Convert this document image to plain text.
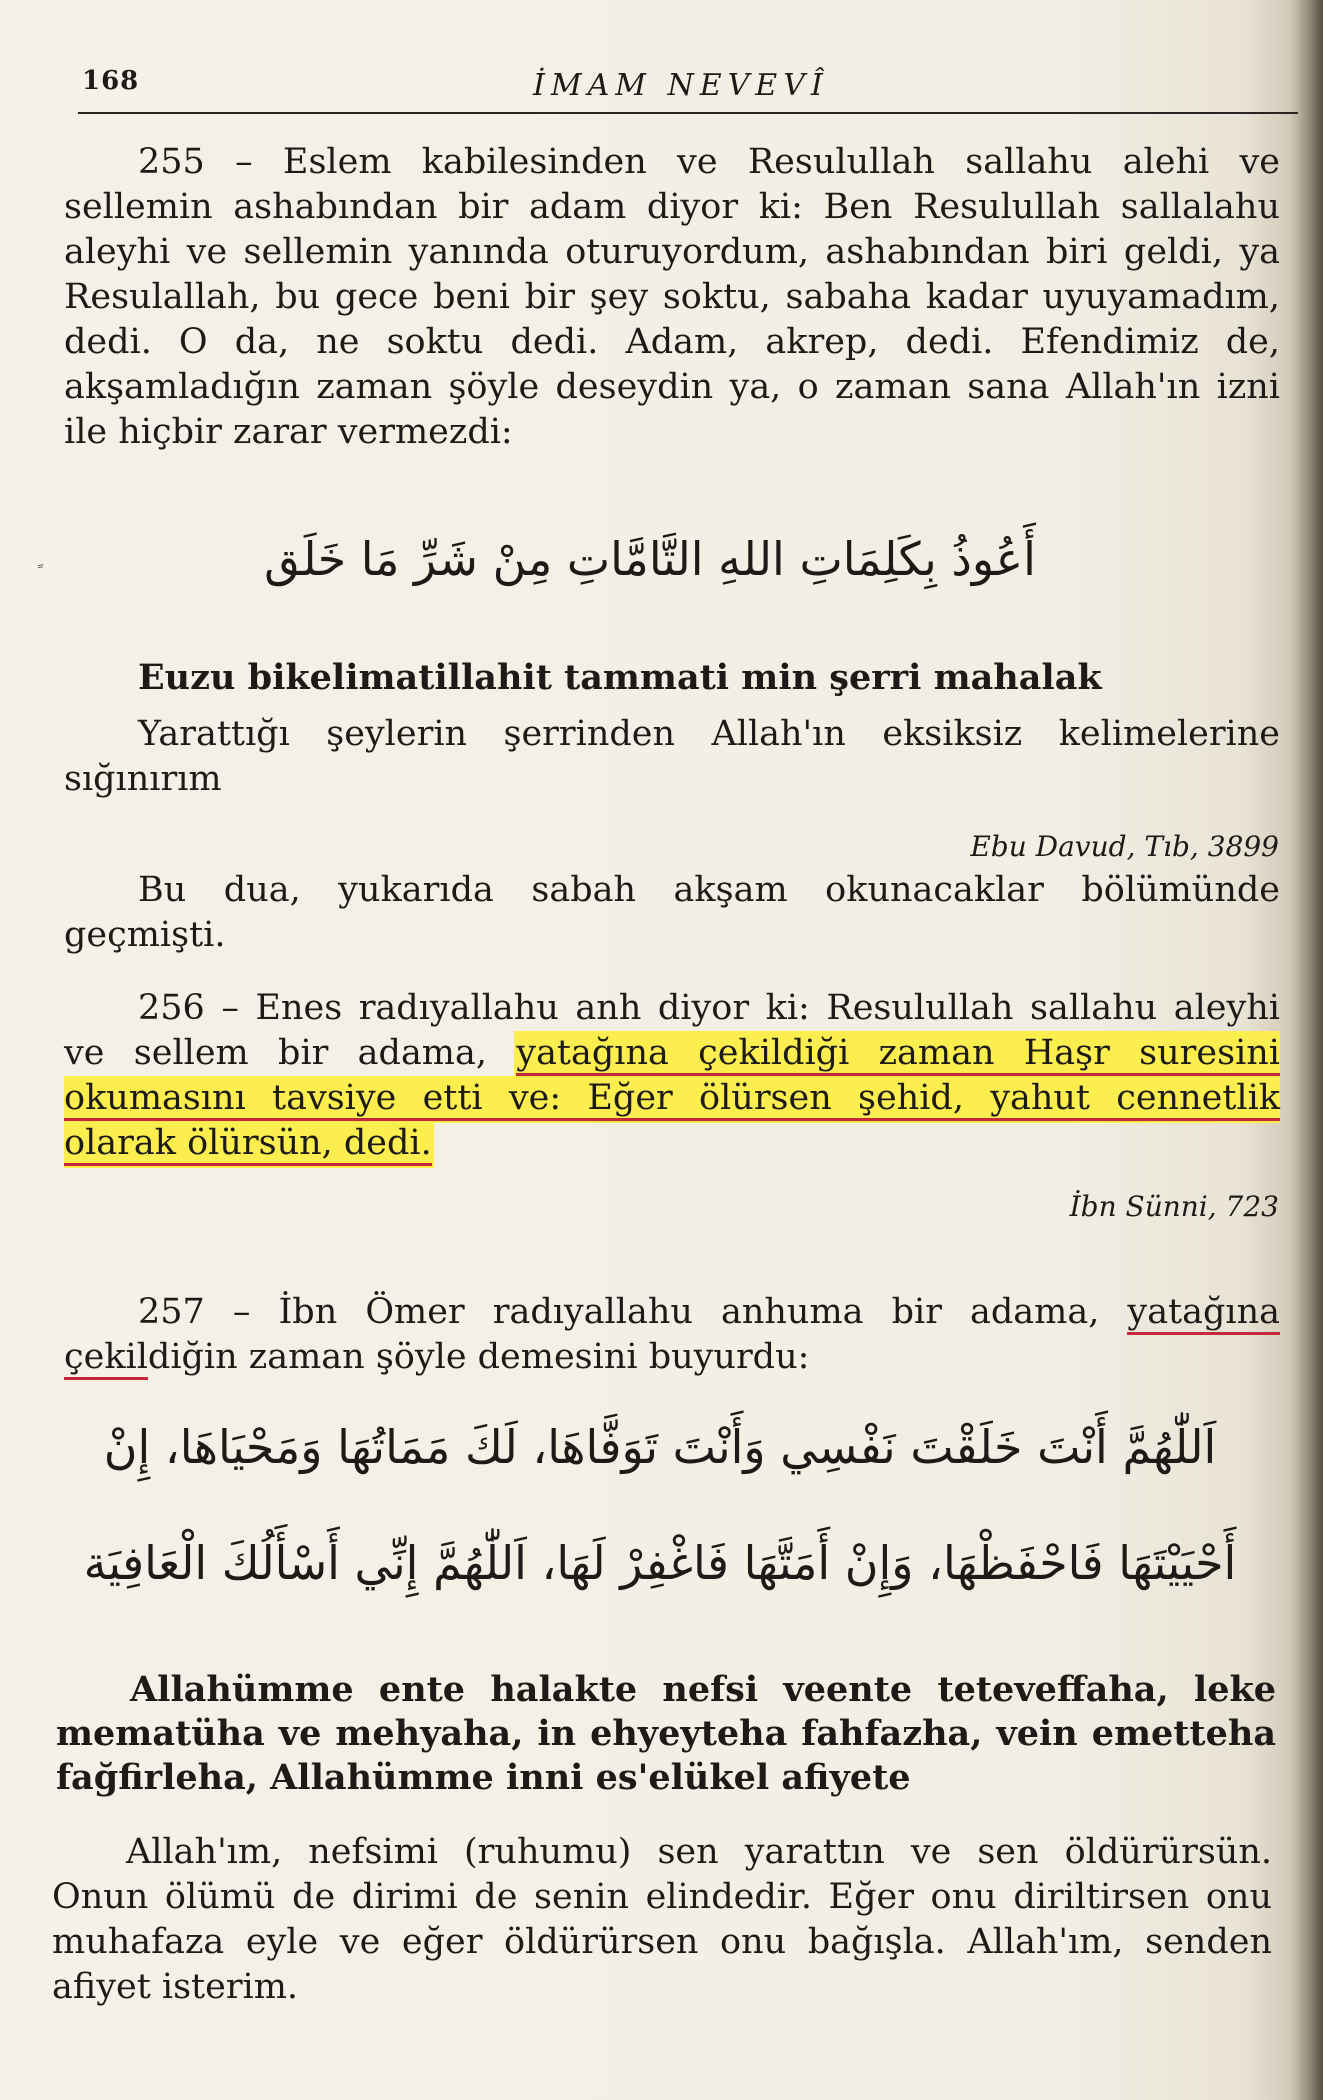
168	İMAM NEVEVÎ

255 – Eslem kabilesinden ve Resulullah sallahu alehi ve sellemin ashabından bir adam diyor ki: Ben Resulullah sallalahu aleyhi ve sellemin yanında oturuyordum, ashabından biri geldi, ya Resulallah, bu gece beni bir şey soktu, sabaha kadar uyuyamadım, dedi. O da, ne soktu dedi. Adam, akrep, dedi. Efendimiz de, akşamladığın zaman şöyle deseydin ya, o zaman sana Allah'ın izni ile hiçbir zarar vermezdi:

أَعُوذُ بِكَلِمَاتِ اللهِ التَّامَّاتِ مِنْ شَرِّ مَا خَلَق

Euzu bikelimatillahit tammati min şerri mahalak

Yarattığı şeylerin şerrinden Allah'ın eksiksiz kelimelerine sığınırım

Ebu Davud, Tıb, 3899

Bu dua, yukarıda sabah akşam okunacaklar bölümünde geçmişti.

256 – Enes radıyallahu anh diyor ki: Resulullah sallahu aleyhi ve sellem bir adama, yatağına çekildiği zaman Haşr suresini okumasını tavsiye etti ve: Eğer ölürsen şehid, yahut cennetlik olarak ölürsün, dedi.

İbn Sünni, 723

257 – İbn Ömer radıyallahu anhuma bir adama, yatağına çekildiğin zaman şöyle demesini buyurdu:

اَللّٰهُمَّ أَنْتَ خَلَقْتَ نَفْسِي وَأَنْتَ تَوَفَّاهَا، لَكَ مَمَاتُهَا وَمَحْيَاهَا، إِنْ
أَحْيَيْتَهَا فَاحْفَظْهَا، وَإِنْ أَمَتَّهَا فَاغْفِرْ لَهَا، اَللّٰهُمَّ إِنِّي أَسْأَلُكَ الْعَافِيَة

Allahümme ente halakte nefsi veente teteveffaha, leke mematüha ve mehyaha, in ehyeyteha fahfazha, vein emetteha fağfirleha, Allahümme inni es'elükel afiyete

Allah'ım, nefsimi (ruhumu) sen yarattın ve sen öldürürsün. Onun ölümü de dirimi de senin elindedir. Eğer onu diriltirsen onu muhafaza eyle ve eğer öldürürsen onu bağışla. Allah'ım, senden afiyet isterim.
